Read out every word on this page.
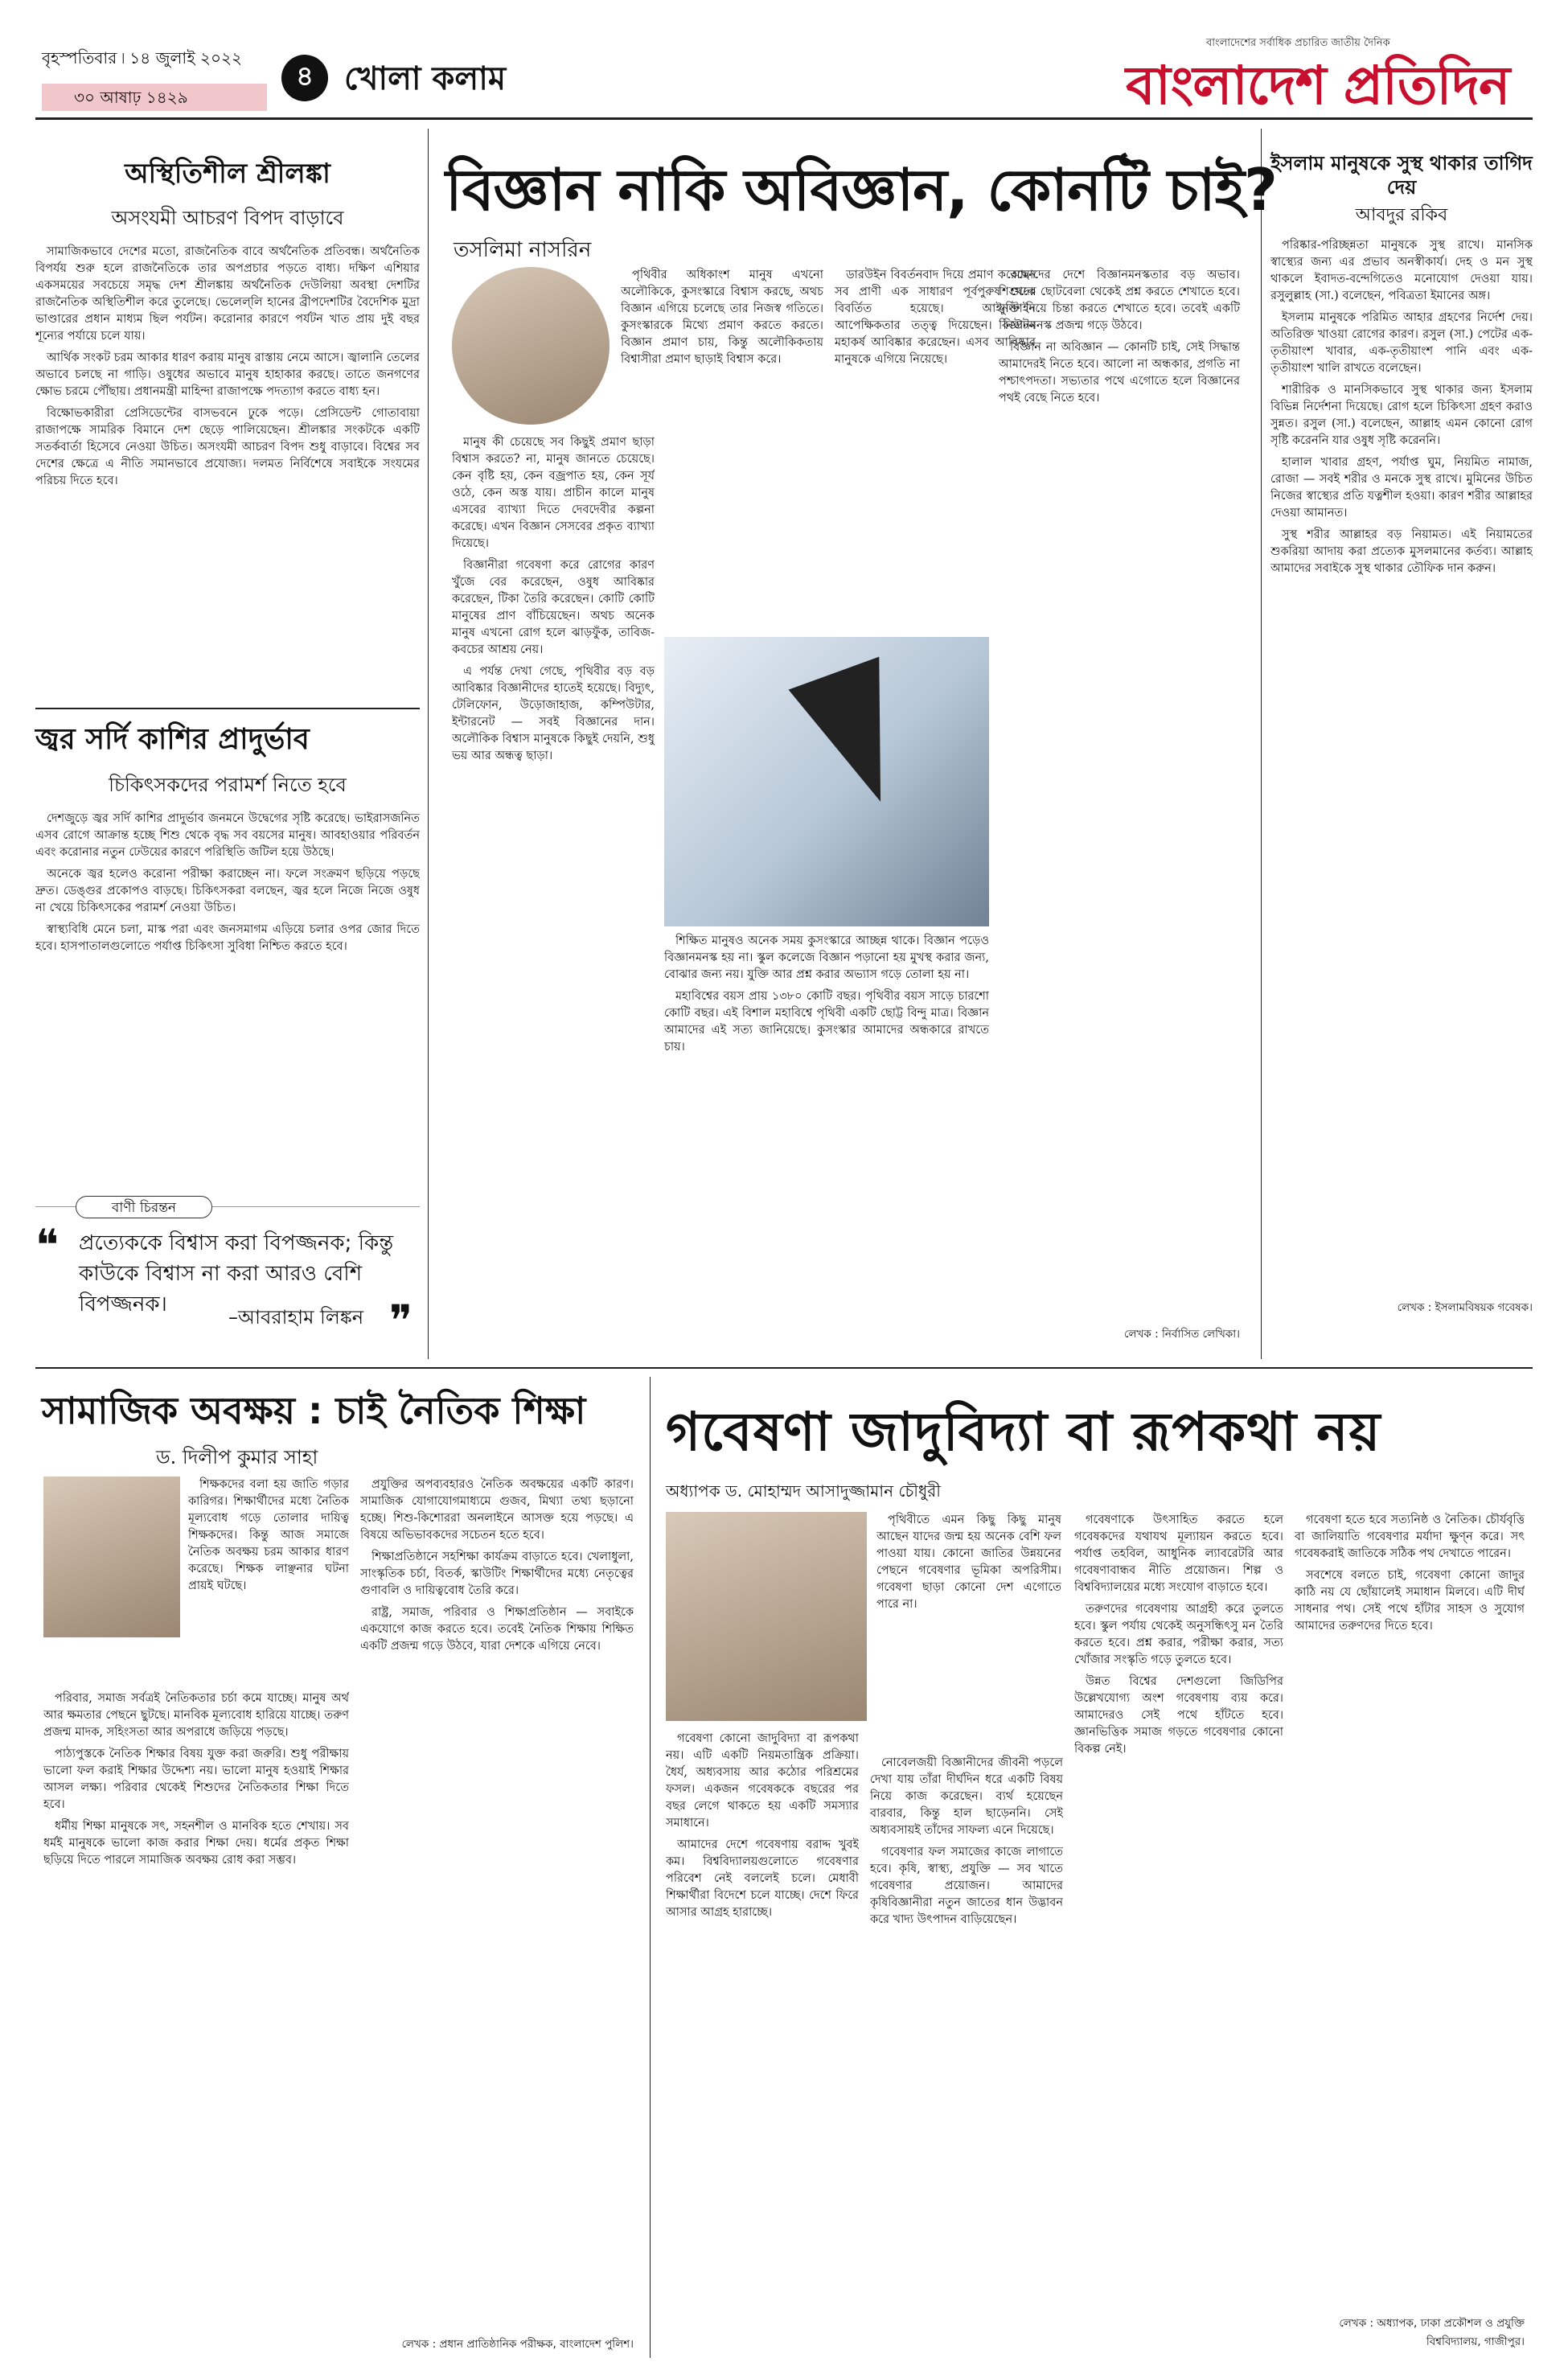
বৃহস্পতিবার ৷ ১৪ জুলাই ২০২২
৩০ আষাঢ় ১৪২৯
৪ খোলা কলাম
বাংলাদেশের সর্বাধিক প্রচারিত জাতীয় দৈনিক
বাংলাদেশ প্রতিদিন
অস্থিতিশীল শ্রীলঙ্কা
অসংযমী আচরণ বিপদ বাড়াবে

সামাজিকভাবে দেশের মতো, রাজনৈতিক বাবে অর্থনৈতিক প্রতিবন্ধ। অর্থনৈতিক বিপর্যয় শুরু হলে রাজনৈতিকে তার অপপ্রচার পড়তে বাধ্য। দক্ষিণ এশিয়ার একসময়ের সবচেয়ে সমৃদ্ধ দেশ শ্রীলঙ্কায় অর্থনৈতিক দেউলিয়া অবস্থা দেশটির রাজনৈতিক অস্থিতিশীল করে তুলেছে। ভেলেল্‌লি হানের ব্রীপদেশটির বৈদেশিক মুদ্রা ভাণ্ডারের প্রধান মাধ্যম ছিল পর্যটন। করোনার কারণে পর্যটন খাত প্রায় দুই বছর শূন্যের পর্যায়ে চলে যায়।

আর্থিক সংকট চরম আকার ধারণ করায় মানুষ রাস্তায় নেমে আসে। জ্বালানি তেলের অভাবে চলছে না গাড়ি। ওষুধের অভাবে মানুষ হাহাকার করছে। তাতে জনগণের ক্ষোভ চরমে পৌঁছায়। প্রধানমন্ত্রী মাহিন্দা রাজাপক্ষে পদত্যাগ করতে বাধ্য হন।

বিক্ষোভকারীরা প্রেসিডেন্টের বাসভবনে ঢুকে পড়ে। প্রেসিডেন্ট গোতাবায়া রাজাপক্ষে সামরিক বিমানে দেশ ছেড়ে পালিয়েছেন। শ্রীলঙ্কার সংকটকে একটি সতর্কবার্তা হিসেবে নেওয়া উচিত। অসংযমী আচরণ বিপদ শুধু বাড়াবে। বিশ্বের সব দেশের ক্ষেত্রে এ নীতি সমানভাবে প্রযোজ্য। দলমত নির্বিশেষে সবাইকে সংযমের পরিচয় দিতে হবে।

জ্বর সর্দি কাশির প্রাদুর্ভাব
চিকিৎসকদের পরামর্শ নিতে হবে

দেশজুড়ে জ্বর সর্দি কাশির প্রাদুর্ভাব জনমনে উদ্বেগের সৃষ্টি করেছে। ভাইরাসজনিত এসব রোগে আক্রান্ত হচ্ছে শিশু থেকে বৃদ্ধ সব বয়সের মানুষ। আবহাওয়ার পরিবর্তন এবং করোনার নতুন ঢেউয়ের কারণে পরিস্থিতি জটিল হয়ে উঠছে।

অনেকে জ্বর হলেও করোনা পরীক্ষা করাচ্ছেন না। ফলে সংক্রমণ ছড়িয়ে পড়ছে দ্রুত। ডেঙ্গুর প্রকোপও বাড়ছে। চিকিৎসকরা বলছেন, জ্বর হলে নিজে নিজে ওষুধ না খেয়ে চিকিৎসকের পরামর্শ নেওয়া উচিত।

স্বাস্থ্যবিধি মেনে চলা, মাস্ক পরা এবং জনসমাগম এড়িয়ে চলার ওপর জোর দিতে হবে। হাসপাতালগুলোতে পর্যাপ্ত চিকিৎসা সুবিধা নিশ্চিত করতে হবে।

বাণী চিরন্তন
❝ প্রত্যেককে বিশ্বাস করা বিপজ্জনক; কিন্তু কাউকে বিশ্বাস না করা আরও বেশি বিপজ্জনক।
–আবরাহাম লিঙ্কন ❞
বিজ্ঞান নাকি অবিজ্ঞান, কোনটি চাই?
তসলিমা নাসরিন

পৃথিবীর অধিকাংশ মানুষ এখনো অলৌকিকে, কুসংস্কারে বিশ্বাস করছে, অথচ বিজ্ঞান এগিয়ে চলেছে তার নিজস্ব গতিতে। কুসংস্কারকে মিথ্যে প্রমাণ করতে করতে। বিজ্ঞান প্রমাণ চায়, কিন্তু অলৌকিকতায় বিশ্বাসীরা প্রমাণ ছাড়াই বিশ্বাস করে।

মানুষ কী চেয়েছে সব কিছুই প্রমাণ ছাড়া বিশ্বাস করতে? না, মানুষ জানতে চেয়েছে। কেন বৃষ্টি হয়, কেন বজ্রপাত হয়, কেন সূর্য ওঠে, কেন অস্ত যায়। প্রাচীন কালে মানুষ এসবের ব্যাখ্যা দিতে দেবদেবীর কল্পনা করেছে। এখন বিজ্ঞান সেসবের প্রকৃত ব্যাখ্যা দিয়েছে।

বিজ্ঞানীরা গবেষণা করে রোগের কারণ খুঁজে বের করেছেন, ওষুধ আবিষ্কার করেছেন, টিকা তৈরি করেছেন। কোটি কোটি মানুষের প্রাণ বাঁচিয়েছেন। অথচ অনেক মানুষ এখনো রোগ হলে ঝাড়ফুঁক, তাবিজ-কবচের আশ্রয় নেয়।

এ পর্যন্ত দেখা গেছে, পৃথিবীর বড় বড় আবিষ্কার বিজ্ঞানীদের হাতেই হয়েছে। বিদ্যুৎ, টেলিফোন, উড়োজাহাজ, কম্পিউটার, ইন্টারনেট — সবই বিজ্ঞানের দান। অলৌকিক বিশ্বাস মানুষকে কিছুই দেয়নি, শুধু ভয় আর অন্ধত্ব ছাড়া।

শিক্ষিত মানুষও অনেক সময় কুসংস্কারে আচ্ছন্ন থাকে। বিজ্ঞান পড়েও বিজ্ঞানমনস্ক হয় না। স্কুল কলেজে বিজ্ঞান পড়ানো হয় মুখস্থ করার জন্য, বোঝার জন্য নয়। যুক্তি আর প্রশ্ন করার অভ্যাস গড়ে তোলা হয় না।

মহাবিশ্বের বয়স প্রায় ১৩৮০ কোটি বছর। পৃথিবীর বয়স সাড়ে চারশো কোটি বছর। এই বিশাল মহাবিশ্বে পৃথিবী একটি ছোট্ট বিন্দু মাত্র। বিজ্ঞান আমাদের এই সত্য জানিয়েছে। কুসংস্কার আমাদের অন্ধকারে রাখতে চায়।

ডারউইন বিবর্তনবাদ দিয়ে প্রমাণ করেছেন সব প্রাণী এক সাধারণ পূর্বপুরুষ থেকে বিবর্তিত হয়েছে। আইনস্টাইন আপেক্ষিকতার তত্ত্ব দিয়েছেন। নিউটন মহাকর্ষ আবিষ্কার করেছেন। এসব আবিষ্কার মানুষকে এগিয়ে নিয়েছে।

আমাদের দেশে বিজ্ঞানমনস্কতার বড় অভাব। শিশুদের ছোটবেলা থেকেই প্রশ্ন করতে শেখাতে হবে। যুক্তি দিয়ে চিন্তা করতে শেখাতে হবে। তবেই একটি বিজ্ঞানমনস্ক প্রজন্ম গড়ে উঠবে।

বিজ্ঞান না অবিজ্ঞান — কোনটি চাই, সেই সিদ্ধান্ত আমাদেরই নিতে হবে। আলো না অন্ধকার, প্রগতি না পশ্চাৎপদতা। সভ্যতার পথে এগোতে হলে বিজ্ঞানের পথই বেছে নিতে হবে।

লেখক : নির্বাসিত লেখিকা।
ইসলাম মানুষকে সুস্থ থাকার তাগিদ দেয়
আবদুর রকিব

পরিষ্কার-পরিচ্ছন্নতা মানুষকে সুস্থ রাখে। মানসিক স্বাস্থ্যের জন্য এর প্রভাব অনস্বীকার্য। দেহ ও মন সুস্থ থাকলে ইবাদত-বন্দেগিতেও মনোযোগ দেওয়া যায়। রসুলুল্লাহ (সা.) বলেছেন, পবিত্রতা ইমানের অঙ্গ।

ইসলাম মানুষকে পরিমিত আহার গ্রহণের নির্দেশ দেয়। অতিরিক্ত খাওয়া রোগের কারণ। রসুল (সা.) পেটের এক-তৃতীয়াংশ খাবার, এক-তৃতীয়াংশ পানি এবং এক-তৃতীয়াংশ খালি রাখতে বলেছেন।

শারীরিক ও মানসিকভাবে সুস্থ থাকার জন্য ইসলাম বিভিন্ন নির্দেশনা দিয়েছে। রোগ হলে চিকিৎসা গ্রহণ করাও সুন্নত। রসুল (সা.) বলেছেন, আল্লাহ এমন কোনো রোগ সৃষ্টি করেননি যার ওষুধ সৃষ্টি করেননি।

হালাল খাবার গ্রহণ, পর্যাপ্ত ঘুম, নিয়মিত নামাজ, রোজা — সবই শরীর ও মনকে সুস্থ রাখে। মুমিনের উচিত নিজের স্বাস্থ্যের প্রতি যত্নশীল হওয়া। কারণ শরীর আল্লাহর দেওয়া আমানত।

সুস্থ শরীর আল্লাহর বড় নিয়ামত। এই নিয়ামতের শুকরিয়া আদায় করা প্রত্যেক মুসলমানের কর্তব্য। আল্লাহ আমাদের সবাইকে সুস্থ থাকার তৌফিক দান করুন।

লেখক : ইসলামবিষয়ক গবেষক।
সামাজিক অবক্ষয় : চাই নৈতিক শিক্ষা
ড. দিলীপ কুমার সাহা

শিক্ষকদের বলা হয় জাতি গড়ার কারিগর। শিক্ষার্থীদের মধ্যে নৈতিক মূল্যবোধ গড়ে তোলার দায়িত্ব শিক্ষকদের। কিন্তু আজ সমাজে নৈতিক অবক্ষয় চরম আকার ধারণ করেছে। শিক্ষক লাঞ্ছনার ঘটনা প্রায়ই ঘটছে।

পরিবার, সমাজ সর্বত্রই নৈতিকতার চর্চা কমে যাচ্ছে। মানুষ অর্থ আর ক্ষমতার পেছনে ছুটছে। মানবিক মূল্যবোধ হারিয়ে যাচ্ছে। তরুণ প্রজন্ম মাদক, সহিংসতা আর অপরাধে জড়িয়ে পড়ছে।

পাঠ্যপুস্তকে নৈতিক শিক্ষার বিষয় যুক্ত করা জরুরি। শুধু পরীক্ষায় ভালো ফল করাই শিক্ষার উদ্দেশ্য নয়। ভালো মানুষ হওয়াই শিক্ষার আসল লক্ষ্য। পরিবার থেকেই শিশুদের নৈতিকতার শিক্ষা দিতে হবে।

ধর্মীয় শিক্ষা মানুষকে সৎ, সহনশীল ও মানবিক হতে শেখায়। সব ধর্মই মানুষকে ভালো কাজ করার শিক্ষা দেয়। ধর্মের প্রকৃত শিক্ষা ছড়িয়ে দিতে পারলে সামাজিক অবক্ষয় রোধ করা সম্ভব।

প্রযুক্তির অপব্যবহারও নৈতিক অবক্ষয়ের একটি কারণ। সামাজিক যোগাযোগমাধ্যমে গুজব, মিথ্যা তথ্য ছড়ানো হচ্ছে। শিশু-কিশোররা অনলাইনে আসক্ত হয়ে পড়ছে। এ বিষয়ে অভিভাবকদের সচেতন হতে হবে।

শিক্ষাপ্রতিষ্ঠানে সহশিক্ষা কার্যক্রম বাড়াতে হবে। খেলাধুলা, সাংস্কৃতিক চর্চা, বিতর্ক, স্কাউটিং শিক্ষার্থীদের মধ্যে নেতৃত্বের গুণাবলি ও দায়িত্ববোধ তৈরি করে।

রাষ্ট্র, সমাজ, পরিবার ও শিক্ষাপ্রতিষ্ঠান — সবাইকে একযোগে কাজ করতে হবে। তবেই নৈতিক শিক্ষায় শিক্ষিত একটি প্রজন্ম গড়ে উঠবে, যারা দেশকে এগিয়ে নেবে।

লেখক : প্রধান প্রাতিষ্ঠানিক পরীক্ষক, বাংলাদেশ পুলিশ।
গবেষণা জাদুবিদ্যা বা রূপকথা নয়
অধ্যাপক ড. মোহাম্মদ আসাদুজ্জামান চৌধুরী

পৃথিবীতে এমন কিছু কিছু মানুষ আছেন যাদের জন্ম হয় অনেক বেশি ফল পাওয়া যায়। কোনো জাতির উন্নয়নের পেছনে গবেষণার ভূমিকা অপরিসীম। গবেষণা ছাড়া কোনো দেশ এগোতে পারে না।

গবেষণা কোনো জাদুবিদ্যা বা রূপকথা নয়। এটি একটি নিয়মতান্ত্রিক প্রক্রিয়া। ধৈর্য, অধ্যবসায় আর কঠোর পরিশ্রমের ফসল। একজন গবেষককে বছরের পর বছর লেগে থাকতে হয় একটি সমস্যার সমাধানে।

আমাদের দেশে গবেষণায় বরাদ্দ খুবই কম। বিশ্ববিদ্যালয়গুলোতে গবেষণার পরিবেশ নেই বললেই চলে। মেধাবী শিক্ষার্থীরা বিদেশে চলে যাচ্ছে। দেশে ফিরে আসার আগ্রহ হারাচ্ছে।

নোবেলজয়ী বিজ্ঞানীদের জীবনী পড়লে দেখা যায় তাঁরা দীর্ঘদিন ধরে একটি বিষয় নিয়ে কাজ করেছেন। ব্যর্থ হয়েছেন বারবার, কিন্তু হাল ছাড়েননি। সেই অধ্যবসায়ই তাঁদের সাফল্য এনে দিয়েছে।

গবেষণার ফল সমাজের কাজে লাগাতে হবে। কৃষি, স্বাস্থ্য, প্রযুক্তি — সব খাতে গবেষণার প্রয়োজন। আমাদের কৃষিবিজ্ঞানীরা নতুন জাতের ধান উদ্ভাবন করে খাদ্য উৎপাদন বাড়িয়েছেন।

গবেষণাকে উৎসাহিত করতে হলে গবেষকদের যথাযথ মূল্যায়ন করতে হবে। পর্যাপ্ত তহবিল, আধুনিক ল্যাবরেটরি আর গবেষণাবান্ধব নীতি প্রয়োজন। শিল্প ও বিশ্ববিদ্যালয়ের মধ্যে সংযোগ বাড়াতে হবে।

তরুণদের গবেষণায় আগ্রহী করে তুলতে হবে। স্কুল পর্যায় থেকেই অনুসন্ধিৎসু মন তৈরি করতে হবে। প্রশ্ন করার, পরীক্ষা করার, সত্য খোঁজার সংস্কৃতি গড়ে তুলতে হবে।

উন্নত বিশ্বের দেশগুলো জিডিপির উল্লেখযোগ্য অংশ গবেষণায় ব্যয় করে। আমাদেরও সেই পথে হাঁটতে হবে। জ্ঞানভিত্তিক সমাজ গড়তে গবেষণার কোনো বিকল্প নেই।

গবেষণা হতে হবে সত্যনিষ্ঠ ও নৈতিক। চৌর্যবৃত্তি বা জালিয়াতি গবেষণার মর্যাদা ক্ষুণ্ন করে। সৎ গবেষকরাই জাতিকে সঠিক পথ দেখাতে পারেন।

সবশেষে বলতে চাই, গবেষণা কোনো জাদুর কাঠি নয় যে ছোঁয়ালেই সমাধান মিলবে। এটি দীর্ঘ সাধনার পথ। সেই পথে হাঁটার সাহস ও সুযোগ আমাদের তরুণদের দিতে হবে।

লেখক : অধ্যাপক, ঢাকা প্রকৌশল ও প্রযুক্তি বিশ্ববিদ্যালয়, গাজীপুর।
